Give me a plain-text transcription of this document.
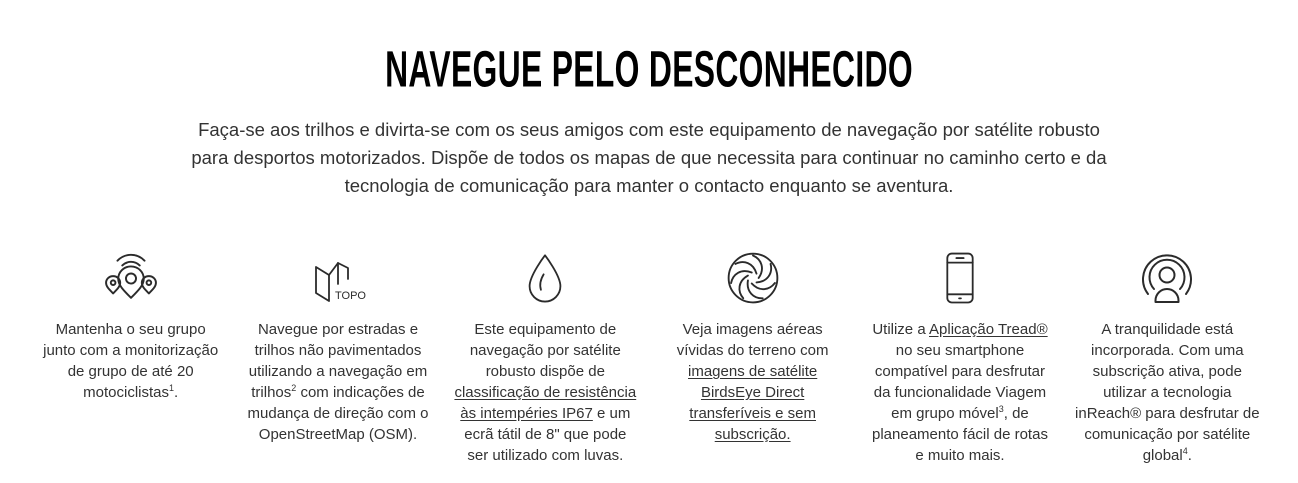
NAVEGUE PELO DESCONHECIDO

Faça-se aos trilhos e divirta-se com os seus amigos com este equipamento de navegação por satélite robusto para desportos motorizados. Dispõe de todos os mapas de que necessita para continuar no caminho certo e da tecnologia de comunicação para manter o contacto enquanto se aventura.

Mantenha o seu grupo junto com a monitorização de grupo de até 20 motociclistas$^1$.

TOPO

Navegue por estradas e trilhos não pavimentados utilizando a navegação em trilhos$^2$ com indicações de mudança de direção com o OpenStreetMap (OSM).

Este equipamento de navegação por satélite robusto dispõe de classificação de resistência às intempéries IP67 e um ecrã tátil de 8" que pode ser utilizado com luvas.

Veja imagens aéreas vívidas do terreno com imagens de satélite BirdsEye Direct transferíveis e sem subscrição.

Utilize a Aplicação Tread® no seu smartphone compatível para desfrutar da funcionalidade Viagem em grupo móvel$^3$, de planeamento fácil de rotas e muito mais.

A tranquilidade está incorporada. Com uma subscrição ativa, pode utilizar a tecnologia inReach® para desfrutar de comunicação por satélite global$^4$.
